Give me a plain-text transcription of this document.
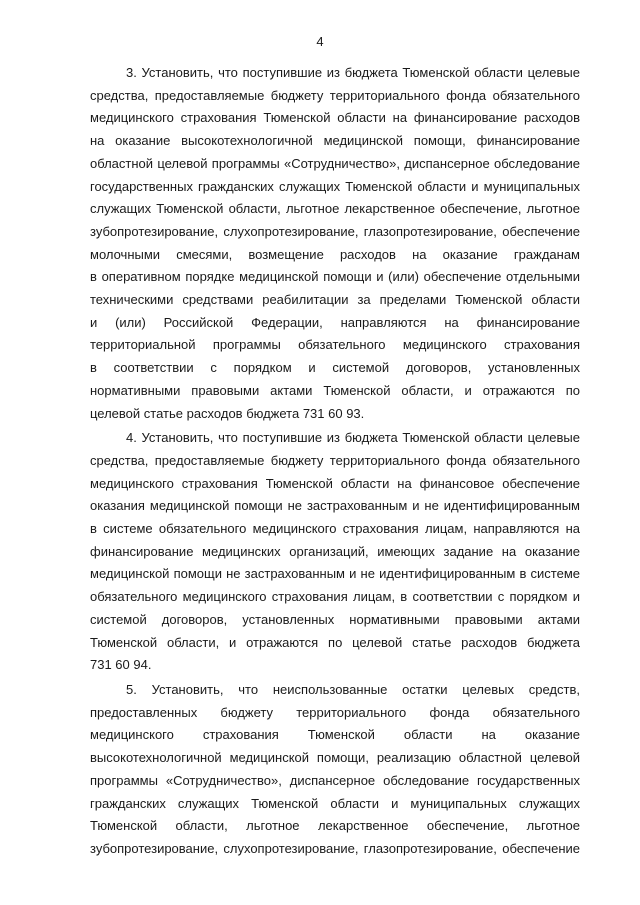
4

3. Установить, что поступившие из бюджета Тюменской области целевые
средства, предоставляемые бюджету территориального фонда обязательного
медицинского страхования Тюменской области на финансирование расходов
на оказание высокотехнологичной медицинской помощи, финансирование
областной целевой программы «Сотрудничество», диспансерное обследование
государственных гражданских служащих Тюменской области и муниципальных
служащих Тюменской области, льготное лекарственное обеспечение, льготное
зубопротезирование, слухопротезирование, глазопротезирование, обеспечение
молочными смесями, возмещение расходов на оказание гражданам
в оперативном порядке медицинской помощи и (или) обеспечение отдельными
техническими средствами реабилитации за пределами Тюменской области
и (или) Российской Федерации, направляются на финансирование
территориальной программы обязательного медицинского страхования
в соответствии с порядком и системой договоров, установленных
нормативными правовыми актами Тюменской области, и отражаются по
целевой статье расходов бюджета 731 60 93.

4. Установить, что поступившие из бюджета Тюменской области целевые
средства, предоставляемые бюджету территориального фонда обязательного
медицинского страхования Тюменской области на финансовое обеспечение
оказания медицинской помощи не застрахованным и не идентифицированным
в системе обязательного медицинского страхования лицам, направляются на
финансирование медицинских организаций, имеющих задание на оказание
медицинской помощи не застрахованным и не идентифицированным в системе
обязательного медицинского страхования лицам, в соответствии с порядком и
системой договоров, установленных нормативными правовыми актами
Тюменской области, и отражаются по целевой статье расходов бюджета
731 60 94.

5. Установить, что неиспользованные остатки целевых средств,
предоставленных бюджету территориального фонда обязательного
медицинского страхования Тюменской области на оказание
высокотехнологичной медицинской помощи, реализацию областной целевой
программы «Сотрудничество», диспансерное обследование государственных
гражданских служащих Тюменской области и муниципальных служащих
Тюменской области, льготное лекарственное обеспечение, льготное
зубопротезирование, слухопротезирование, глазопротезирование, обеспечение
